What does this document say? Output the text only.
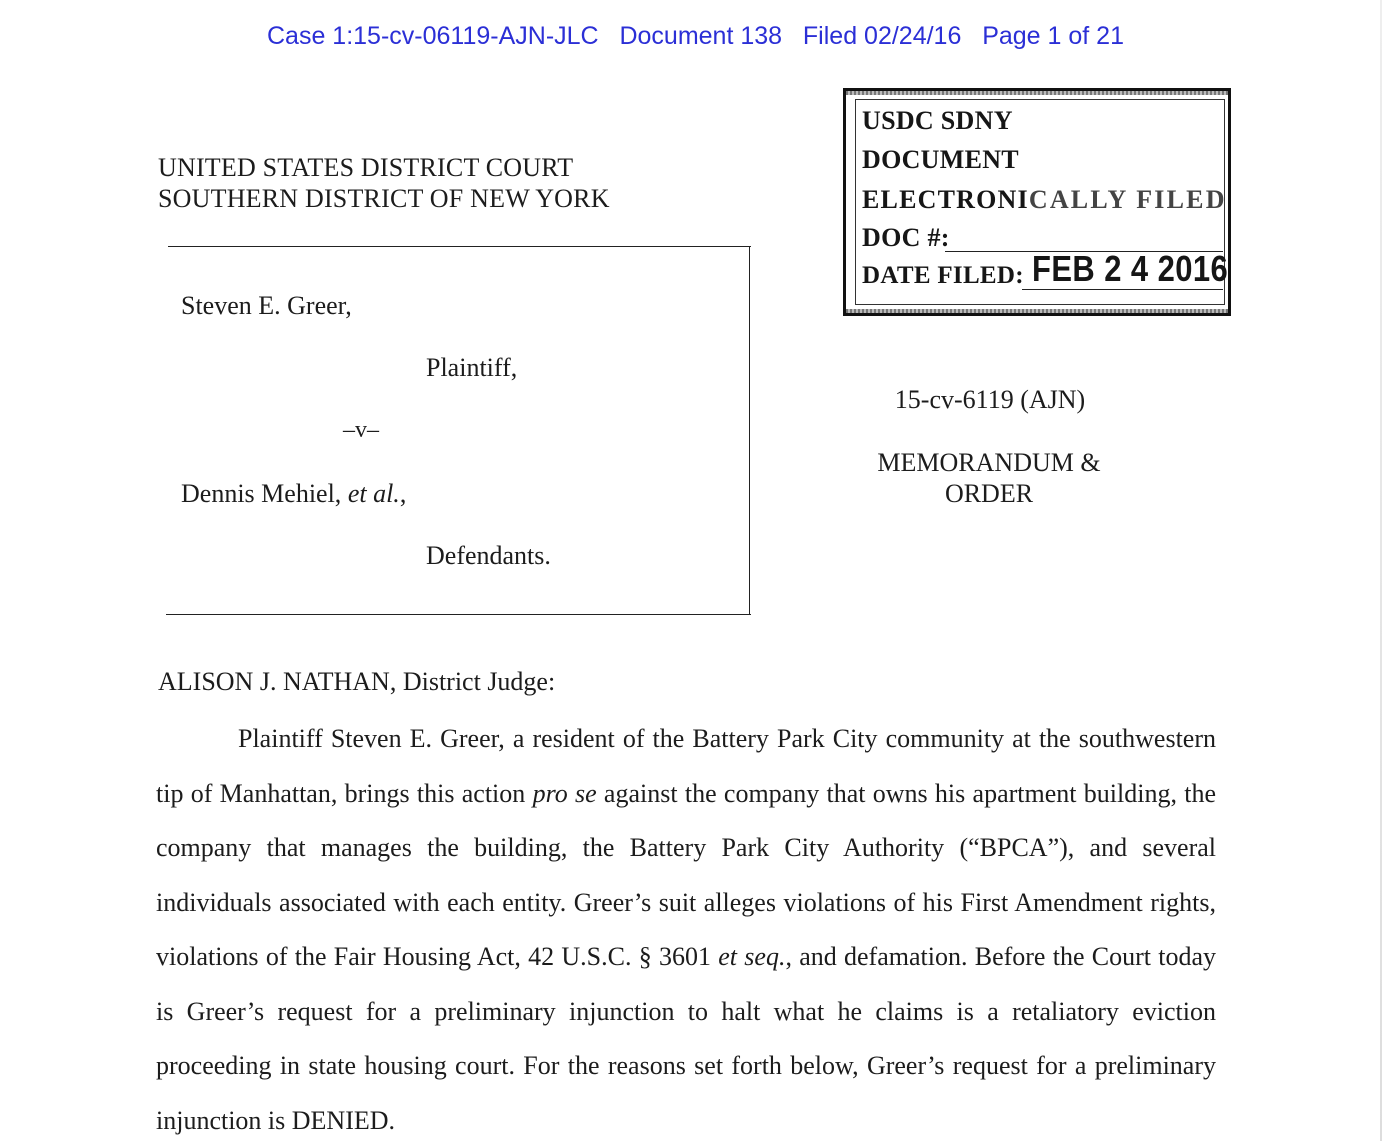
Case 1:15-cv-06119-AJN-JLC Document 138 Filed 02/24/16 Page 1 of 21
UNITED STATES DISTRICT COURT
SOUTHERN DISTRICT OF NEW YORK
Steven E. Greer,
Plaintiff,
–v–
Dennis Mehiel, et al.,
Defendants.
USDC SDNY
DOCUMENT
ELECTRONICALLY FILED
DOC #:
DATE FILED: FEB 2 4 2016
15-cv-6119 (AJN)
MEMORANDUM &
ORDER
ALISON J. NATHAN, District Judge:

Plaintiff Steven E. Greer, a resident of the Battery Park City community at the southwestern tip of Manhattan, brings this action pro se against the company that owns his apartment building, the company that manages the building, the Battery Park City Authority (“BPCA”), and several individuals associated with each entity. Greer’s suit alleges violations of his First Amendment rights, violations of the Fair Housing Act, 42 U.S.C. § 3601 et seq., and defamation. Before the Court today is Greer’s request for a preliminary injunction to halt what he claims is a retaliatory eviction proceeding in state housing court. For the reasons set forth below, Greer’s request for a preliminary injunction is DENIED.
